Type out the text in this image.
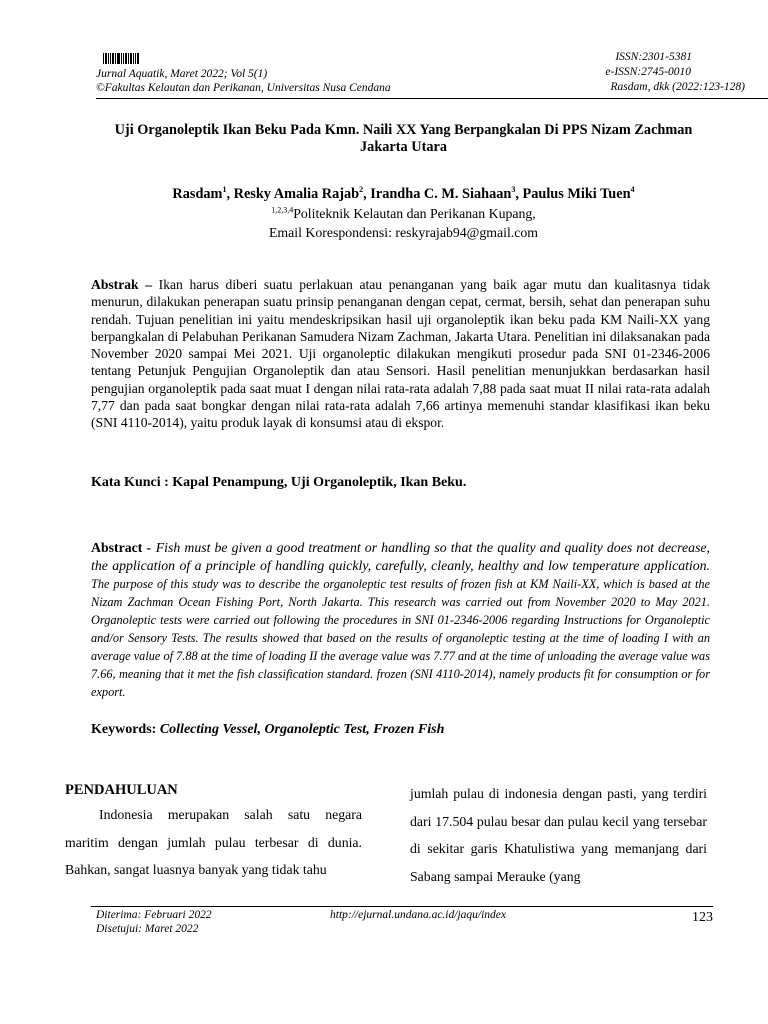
Jurnal Aquatik, Maret 2022; Vol 5(1)
©Fakultas Kelautan dan Perikanan, Universitas Nusa Cendana
ISSN:2301-5381
e-ISSN:2745-0010
Rasdam, dkk (2022:123-128)
Uji Organoleptik Ikan Beku Pada Kmn. Naili XX Yang Berpangkalan Di PPS Nizam Zachman Jakarta Utara
Rasdam$^1$, Resky Amalia Rajab$^2$, Irandha C. M. Siahaan$^3$, Paulus Miki Tuen$^4$
$^{1,2,3,4}$Politeknik Kelautan dan Perikanan Kupang,
Email Korespondensi: reskyrajab94@gmail.com
Abstrak – Ikan harus diberi suatu perlakuan atau penanganan yang baik agar mutu dan kualitasnya tidak menurun, dilakukan penerapan suatu prinsip penanganan dengan cepat, cermat, bersih, sehat dan penerapan suhu rendah. Tujuan penelitian ini yaitu mendeskripsikan hasil uji organoleptik ikan beku pada KM Naili-XX yang berpangkalan di Pelabuhan Perikanan Samudera Nizam Zachman, Jakarta Utara. Penelitian ini dilaksanakan pada November 2020 sampai Mei 2021. Uji organoleptic dilakukan mengikuti prosedur pada SNI 01-2346-2006 tentang Petunjuk Pengujian Organoleptik dan atau Sensori. Hasil penelitian menunjukkan berdasarkan hasil pengujian organoleptik pada saat muat I dengan nilai rata-rata adalah 7,88 pada saat muat II nilai rata-rata adalah 7,77 dan pada saat bongkar dengan nilai rata-rata adalah 7,66 artinya memenuhi standar klasifikasi ikan beku (SNI 4110-2014), yaitu produk layak di konsumsi atau di ekspor.
Kata Kunci : Kapal Penampung, Uji Organoleptik, Ikan Beku.
Abstract - Fish must be given a good treatment or handling so that the quality and quality does not decrease, the application of a principle of handling quickly, carefully, cleanly, healthy and low temperature application. The purpose of this study was to describe the organoleptic test results of frozen fish at KM Naili-XX, which is based at the Nizam Zachman Ocean Fishing Port, North Jakarta. This research was carried out from November 2020 to May 2021. Organoleptic tests were carried out following the procedures in SNI 01-2346-2006 regarding Instructions for Organoleptic and/or Sensory Tests. The results showed that based on the results of organoleptic testing at the time of loading I with an average value of 7.88 at the time of loading II the average value was 7.77 and at the time of unloading the average value was 7.66, meaning that it met the fish classification standard. frozen (SNI 4110-2014), namely products fit for consumption or for export.
Keywords: Collecting Vessel, Organoleptic Test, Frozen Fish
PENDAHULUAN

Indonesia merupakan salah satu negara maritim dengan jumlah pulau terbesar di dunia. Bahkan, sangat luasnya banyak yang tidak tahu

jumlah pulau di indonesia dengan pasti, yang terdiri dari 17.504 pulau besar dan pulau kecil yang tersebar di sekitar garis Khatulistiwa yang memanjang dari Sabang sampai Merauke (yang

Diterima: Februari 2022
Disetujui: Maret 2022
http://ejurnal.undana.ac.id/jaqu/index	123
